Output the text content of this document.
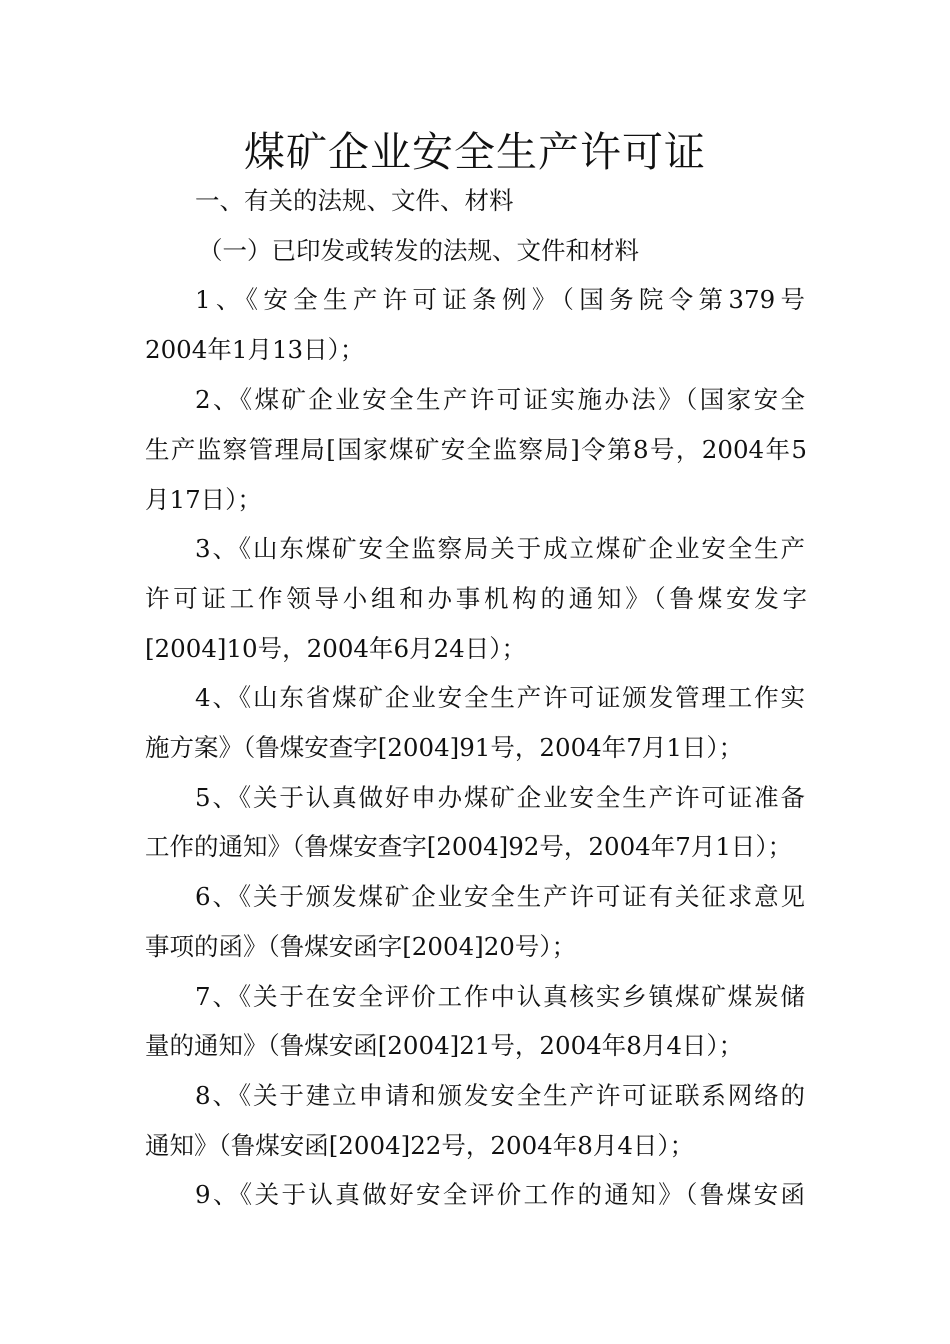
煤矿企业安全生产许可证
一、有关的法规、文件、材料
（一）已印发或转发的法规、文件和材料
1、《安全生产许可证条例》（国务院令第379号
2004年1月13日）；
2、《煤矿企业安全生产许可证实施办法》（国家安全
生产监察管理局[国家煤矿安全监察局]令第8号，2004年5
月17日）；
3、《山东煤矿安全监察局关于成立煤矿企业安全生产
许可证工作领导小组和办事机构的通知》（鲁煤安发字
[2004]10号，2004年6月24日）；
4、《山东省煤矿企业安全生产许可证颁发管理工作实
施方案》（鲁煤安查字[2004]91号，2004年7月1日）；
5、《关于认真做好申办煤矿企业安全生产许可证准备
工作的通知》（鲁煤安查字[2004]92号，2004年7月1日）；
6、《关于颁发煤矿企业安全生产许可证有关征求意见
事项的函》（鲁煤安函字[2004]20号）；
7、《关于在安全评价工作中认真核实乡镇煤矿煤炭储
量的通知》（鲁煤安函[2004]21号，2004年8月4日）；
8、《关于建立申请和颁发安全生产许可证联系网络的
通知》（鲁煤安函[2004]22号，2004年8月4日）；
9、《关于认真做好安全评价工作的通知》（鲁煤安函
